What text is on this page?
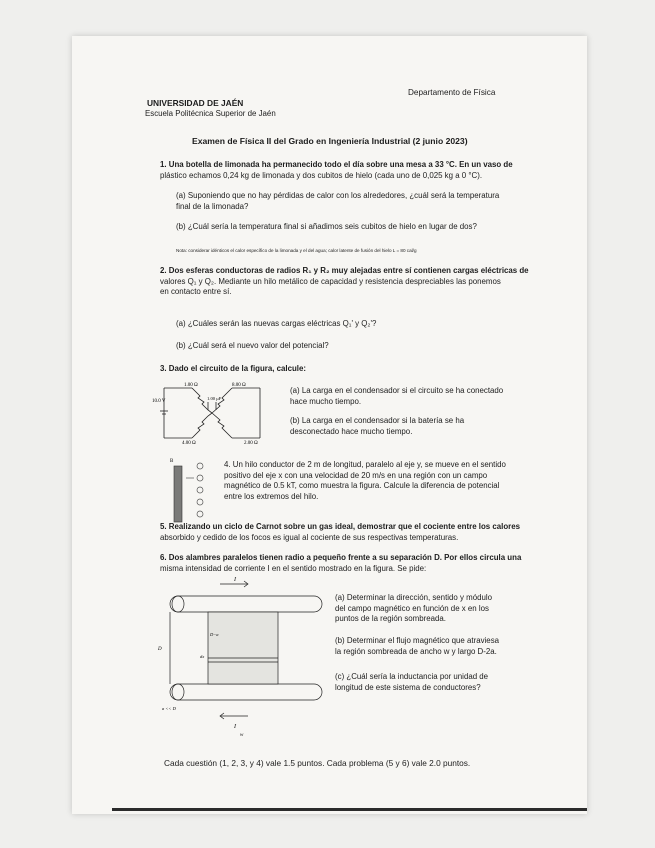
UNIVERSIDAD DE JAÉN
Escuela Politécnica Superior de Jaén
Departamento de Física
Examen de Física II del Grado en Ingeniería Industrial (2 junio 2023)
1. Una botella de limonada ha permanecido todo el día sobre una mesa a 33 °C. En un vaso de
plástico echamos 0,24 kg de limonada y dos cubitos de hielo (cada uno de 0,025 kg a 0 °C).
(a) Suponiendo que no hay pérdidas de calor con los alrededores, ¿cuál será la temperatura
final de la limonada?
(b) ¿Cuál sería la temperatura final si añadimos seis cubitos de hielo en lugar de dos?
Nota: considerar idénticos el calor específico de la limonada y el del agua; calor latente de fusión del hielo L = 80 cal/g
2. Dos esferas conductoras de radios R₁ y R₂ muy alejadas entre sí contienen cargas eléctricas de
valores Q₁ y Q₂. Mediante un hilo metálico de capacidad y resistencia despreciables las ponemos
en contacto entre sí.
(a) ¿Cuáles serán las nuevas cargas eléctricas Q₁' y Q₂'?
(b) ¿Cuál será el nuevo valor del potencial?
3. Dado el circuito de la figura, calcule:
10.0 V
1.00 Ω	8.00 Ω
1.00 μF
4.00 Ω	2.00 Ω
(a) La carga en el condensador si el circuito se ha conectado
hace mucho tiempo.
(b) La carga en el condensador si la batería se ha
desconectado hace mucho tiempo.
B	4. Un hilo conductor de 2 m de longitud, paralelo al eje y, se mueve en el sentido
positivo del eje x con una velocidad de 20 m/s en una región con un campo
magnético de 0.5 kT, como muestra la figura. Calcule la diferencia de potencial
entre los extremos del hilo.
5. Realizando un ciclo de Carnot sobre un gas ideal, demostrar que el cociente entre los calores
absorbido y cedido de los focos es igual al cociente de sus respectivas temperaturas.
6. Dos alambres paralelos tienen radio a pequeño frente a su separación D. Por ellos circula una
misma intensidad de corriente I en el sentido mostrado en la figura. Se pide:
I
D
D−a
dx
a << D
I
w
(a) Determinar la dirección, sentido y módulo
del campo magnético en función de x en los
puntos de la región sombreada.
(b) Determinar el flujo magnético que atraviesa
la región sombreada de ancho w y largo D-2a.
(c) ¿Cuál sería la inductancia por unidad de
longitud de este sistema de conductores?
Cada cuestión (1, 2, 3, y 4) vale 1.5 puntos. Cada problema (5 y 6) vale 2.0 puntos.
